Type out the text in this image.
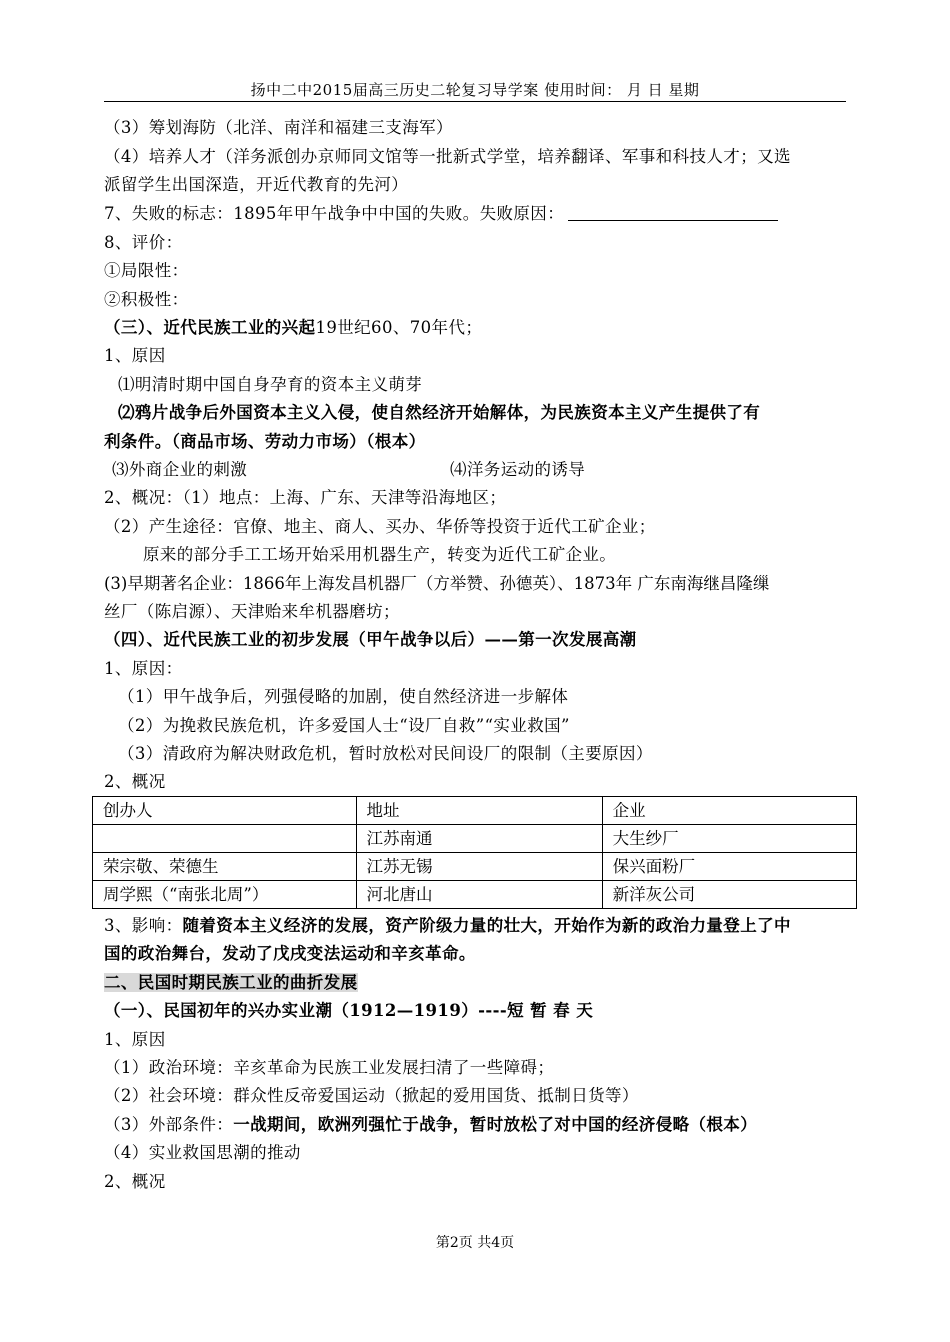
扬中二中2015届高三历史二轮复习导学案 使用时间： 月 日 星期
（3）筹划海防（北洋、南洋和福建三支海军）
（4）培养人才（洋务派创办京师同文馆等一批新式学堂，培养翻译、军事和科技人才；又选
派留学生出国深造，开近代教育的先河）
7、失败的标志：1895年甲午战争中中国的失败。失败原因：
8、评价：
①局限性：
②积极性：
（三）、近代民族工业的兴起19世纪60、70年代；
1、原因
⑴明清时期中国自身孕育的资本主义萌芽
⑵鸦片战争后外国资本主义入侵，使自然经济开始解体，为民族资本主义产生提供了有
利条件。（商品市场、劳动力市场）（根本）
⑶外商企业的刺激	⑷洋务运动的诱导
2、概况：（1）地点：上海、广东、天津等沿海地区；
（2）产生途径：官僚、地主、商人、买办、华侨等投资于近代工矿企业；
原来的部分手工工场开始采用机器生产，转变为近代工矿企业。
(3)早期著名企业：1866年上海发昌机器厂（方举赞、孙德英）、1873年 广东南海继昌隆缫
丝厂（陈启源）、天津贻来牟机器磨坊；
（四）、近代民族工业的初步发展（甲午战争以后）——第一次发展高潮
1、原因：
（1）甲午战争后，列强侵略的加剧，使自然经济进一步解体
（2）为挽救民族危机，许多爱国人士“设厂自救”“实业救国”
（3）清政府为解决财政危机，暂时放松对民间设厂的限制（主要原因）
2、概况
创办人	地址	企业
	江苏南通	大生纱厂
荣宗敬、荣德生	江苏无锡	保兴面粉厂
周学熙（“南张北周”）	河北唐山	新洋灰公司
3、影响：随着资本主义经济的发展，资产阶级力量的壮大，开始作为新的政治力量登上了中
国的政治舞台，发动了戊戌变法运动和辛亥革命。
二、民国时期民族工业的曲折发展
（一）、民国初年的兴办实业潮（1912—1919）----短 暂 春 天
1、原因
（1）政治环境：辛亥革命为民族工业发展扫清了一些障碍；
（2）社会环境：群众性反帝爱国运动（掀起的爱用国货、抵制日货等）
（3）外部条件：一战期间，欧洲列强忙于战争，暂时放松了对中国的经济侵略（根本）
（4）实业救国思潮的推动
2、概况
第2页 共4页
